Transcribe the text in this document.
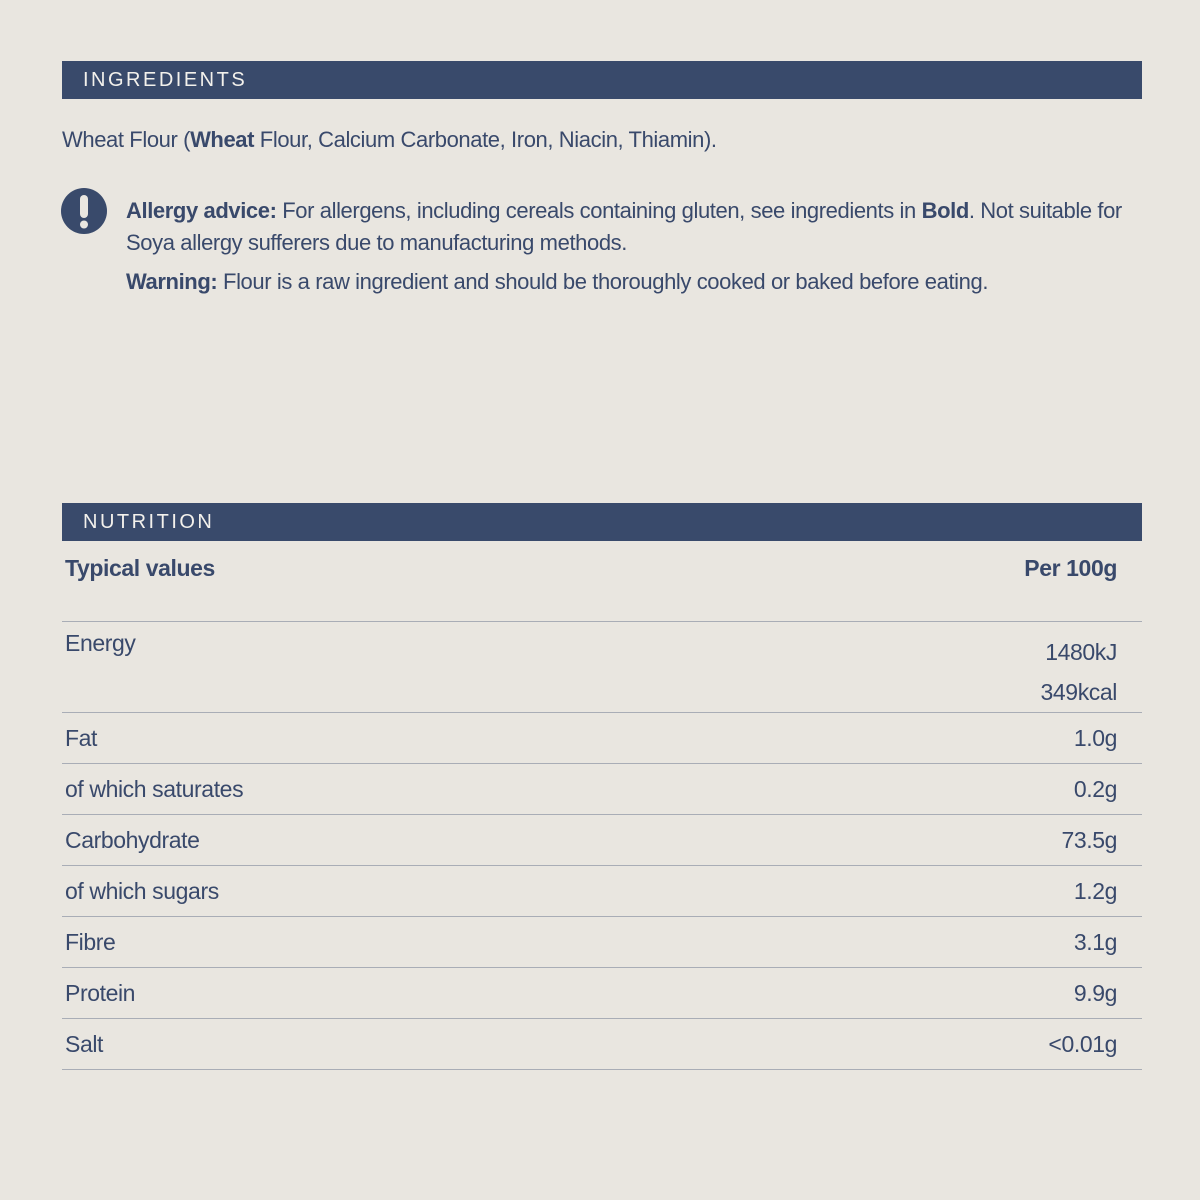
INGREDIENTS
Wheat Flour (Wheat Flour, Calcium Carbonate, Iron, Niacin, Thiamin).
Allergy advice: For allergens, including cereals containing gluten, see ingredients in Bold. Not suitable for Soya allergy sufferers due to manufacturing methods.
Warning: Flour is a raw ingredient and should be thoroughly cooked or baked before eating.
NUTRITION
Typical values	Per 100g
Energy	1480kJ
349kcal
Fat	1.0g
of which saturates	0.2g
Carbohydrate	73.5g
of which sugars	1.2g
Fibre	3.1g
Protein	9.9g
Salt	<0.01g
